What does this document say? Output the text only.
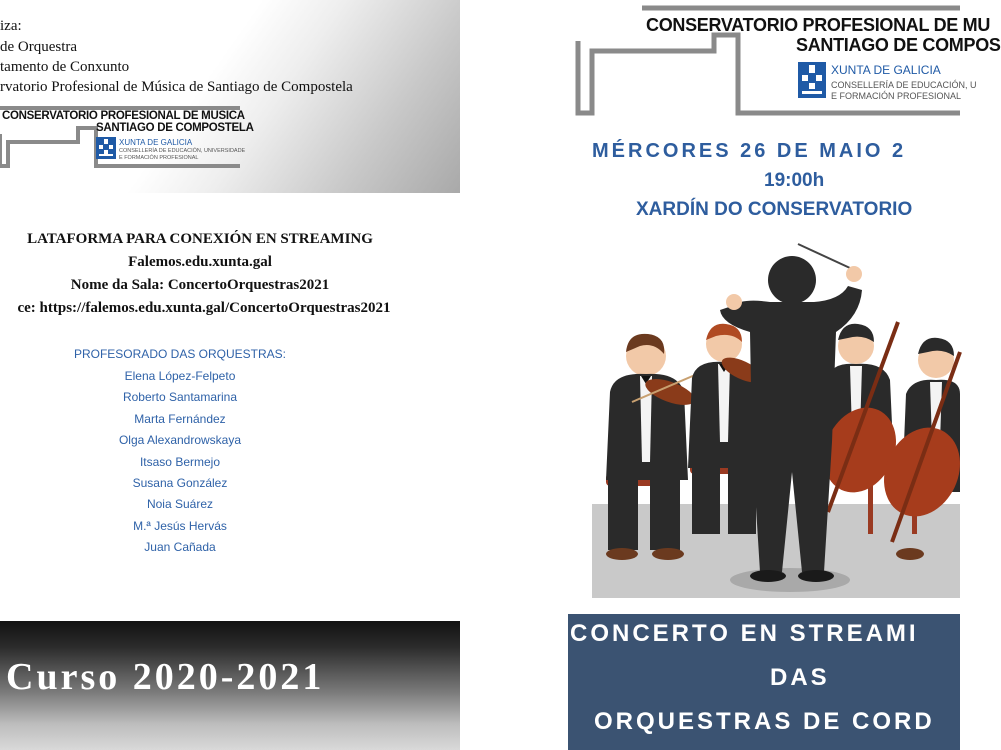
iza:
de Orquestra
tamento de Conxunto
rvatorio Profesional de Música de Santiago de Compostela
CONSERVATORIO PROFESIONAL DE MUSICA
SANTIAGO DE COMPOSTELA
XUNTA DE GALICIA
CONSELLERÍA DE EDUCACIÓN, UNIVERSIDADE
E FORMACIÓN PROFESIONAL
LATAFORMA PARA CONEXIÓN EN STREAMING
Falemos.edu.xunta.gal
Nome da Sala: ConcertoOrquestras2021
ce: https://falemos.edu.xunta.gal/ConcertoOrquestras2021
PROFESORADO DAS ORQUESTRAS:
Elena López-Felpeto
Roberto Santamarina
Marta Fernández
Olga Alexandrowskaya
Itsaso Bermejo
Susana González
Noia Suárez
M.ª Jesús Hervás
Juan Cañada
Curso 2020-2021
CONSERVATORIO PROFESIONAL DE MU
SANTIAGO DE COMPOS
XUNTA DE GALICIA
CONSELLERÍA DE EDUCACIÓN, U
E FORMACIÓN PROFESIONAL
MÉRCORES 26 DE MAIO 2
19:00h
XARDÍN DO CONSERVATORIO
CONCERTO EN STREAMI
DAS
ORQUESTRAS DE CORD
